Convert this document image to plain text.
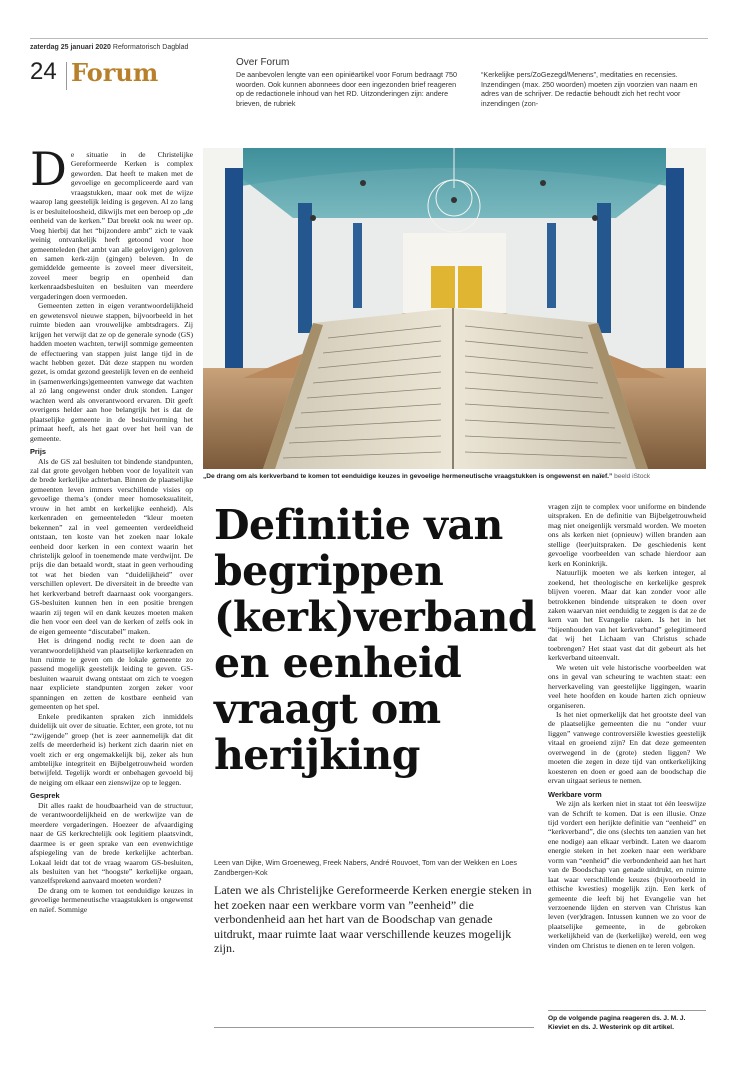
zaterdag 25 januari 2020 Reformatorisch Dagblad
24 Forum	Over Forum
De aanbevolen lengte van een opiniëartikel voor Forum bedraagt 750 woorden. Ook kunnen abonnees door een ingezonden brief reageren op de redactionele inhoud van het RD. Uitzonderingen zijn: andere brieven, de rubriek
“Kerkelijke pers/ZoGezegd/Menens”, meditaties en recensies. Inzendingen (max. 250 woorden) moeten zijn voorzien van naam en adres van de schrijver. De redactie behoudt zich het recht voor inzendingen (zon-
D e situatie in de Christelijke Gereformeerde Kerken is complex geworden. Dat heeft te maken met de gevoelige en gecompliceerde aard van vraagstukken, maar ook met de wijze waarop lang geestelijk leiding is gegeven. Al zo lang is er besluiteloosheid, dikwijls met een beroep op „de eenheid van de kerken.” Dat breekt ook nu weer op. Voeg hierbij dat het “bijzondere ambt” zich te vaak weinig ontvankelijk heeft getoond voor hoe gemeenteleden (het ambt van alle gelovigen) geloven en samen kerk-zijn (gingen) beleven. In de gemiddelde gemeente is zoveel meer diversiteit, zoveel meer begrip en openheid dan kerkenraadsbesluiten en besluiten van meerdere vergaderingen doen vermoeden.

Gemeenten zetten in eigen verantwoordelijkheid en gewetensvol nieuwe stappen, bijvoorbeeld in het ruimte bieden aan vrouwelijke ambtsdragers. Zij krijgen het verwijt dat ze op de generale synode (GS) hadden moeten wachten, terwijl sommige gemeenten de effectuering van stappen juist lange tijd in de wacht hebben gezet. Dát deze stappen nu worden gezet, is omdat gezond geestelijk leven en de eenheid in (samenwerkings)gemeenten vanwege dat wachten al zó lang ongewenst onder druk stonden. Langer wachten werd als onverantwoord ervaren. Dit geeft overigens helder aan hoe belangrijk het is dat de plaatselijke gemeente in de besluitvorming het primaat heeft, als het gaat over het heil van de gemeente.

Prijs

Als de GS zal besluiten tot bindende standpunten, zal dat grote gevolgen hebben voor de loyaliteit van de brede kerkelijke achterban. Binnen de plaatselijke gemeenten leven immers verschillende visies op gevoelige thema’s (onder meer homoseksualiteit, vrouw in het ambt en kerkelijke eenheid). Als kerkenraden en gemeenteleden “kleur moeten bekennen” zal in veel gemeenten verdeeldheid ontstaan, ten koste van het zoeken naar lokale eenheid door kerken in een context waarin het christelijk geloof in toenemende mate verdwijnt. De prijs die dan betaald wordt, staat in geen verhouding tot wat het bieden van “duidelijkheid” over verschillen oplevert. De diversiteit in de breedte van het kerkverband betreft daarnaast ook voorgangers. GS-besluiten kunnen hen in een positie brengen waarin zij tegen wil en dank keuzes moeten maken die hen voor een deel van de kerken of zelfs ook in de eigen gemeente “discutabel” maken.

Het is dringend nodig recht te doen aan de verantwoordelijkheid van plaatselijke kerkenraden en hun ruimte te geven om de lokale gemeente zo passend mogelijk geestelijk leiding te geven. GS-besluiten waaruit dwang ontstaat om zich te voegen naar expliciete standpunten zorgen zeker voor spanningen en zetten de kostbare eenheid van gemeenten op het spel.

Enkele predikanten spraken zich inmiddels duidelijk uit over de situatie. Echter, een grote, tot nu “zwijgende” groep (het is zeer aannemelijk dat dit zelfs de meerderheid is) herkent zich daarin niet en voelt zich er erg ongemakkelijk bij, zeker als hun ambtelijke integriteit en Bijbelgetrouwheid worden betwijfeld. Tegelijk wordt er onbehagen gevoeld bij de neiging om elkaar een zienswijze op te leggen.

Gesprek

Dit alles raakt de houdbaarheid van de structuur, de verantwoordelijkheid en de werkwijze van de meerdere vergaderingen. Hoezeer de afvaardiging naar de GS kerkrechtelijk ook legitiem plaatsvindt, daarmee is er geen sprake van een evenwichtige afspiegeling van de brede kerkelijke achterban. Lokaal leidt dat tot de vraag waarom GS-besluiten, als besluiten van het “hoogste” kerkelijke orgaan, vanzelfsprekend aanvaard moeten worden?

De drang om te komen tot eenduidige keuzes in gevoelige hermeneutische vraagstukken is ongewenst en naïef. Sommige

„De drang om als kerkverband te komen tot eenduidige keuzes in gevoelige hermeneutische vraagstukken is ongewenst en naïef.” beeld iStock
Definitie van begrippen (kerk)verband en eenheid vraagt om herijking
Leen van Dijke, Wim Groeneweg, Freek Nabers, André Rouvoet, Tom van der Wekken en Loes Zandbergen-Kok
Laten we als Christelijke Gereformeerde Kerken energie steken in het zoeken naar een werkbare vorm van ”eenheid” die verbondenheid aan het hart van de Boodschap van genade uitdrukt, maar ruimte laat waar verschillende keuzes mogelijk zijn.

vragen zijn te complex voor uniforme en bindende uitspraken. En de definitie van Bijbelgetrouwheid mag niet oneigenlijk versmald worden. We moeten ons als kerken niet (opnieuw) willen branden aan stellige (leer)uitspraken. De geschiedenis kent gevoelige voorbeelden van schade hierdoor aan kerk en Koninkrijk.

Natuurlijk moeten we als kerken integer, al zoekend, het theologische en kerkelijke gesprek blijven voeren. Maar dat kan zonder voor alle betrokkenen bindende uitspraken te doen over zaken waarvan niet eenduidig te zeggen is dat ze de kern van het Evangelie raken. Is het in het “bijeenhouden van het kerkverband” gelegitimeerd dat wij het Lichaam van Christus schade toebrengen? Het staat vast dat dit gebeurt als het kerkverband uiteenvalt.

We weten uit vele historische voorbeelden wat ons in geval van scheuring te wachten staat: een herverkaveling van geestelijke liggingen, waarin veel hete hoofden en koude harten zich opnieuw organiseren.

Is het niet opmerkelijk dat het grootste deel van de plaatselijke gemeenten die nu “onder vuur liggen” vanwege controversiële kwesties geestelijk vitaal en groeiend zijn? En dat deze gemeenten overwegend in de (grote) steden liggen? We moeten die zegen in deze tijd van ontkerkelijking koesteren en doen er goed aan de boodschap die ervan uitgaat serieus te nemen.

Werkbare vorm

We zijn als kerken niet in staat tot één leeswijze van de Schrift te komen. Dat is een illusie. Onze tijd vordert een herijkte definitie van “eenheid” en “kerkverband”, die ons (slechts ten aanzien van het ene nodige) aan elkaar verbindt. Laten we daarom energie steken in het zoeken naar een werkbare vorm van “eenheid” die verbondenheid aan het hart van de Boodschap van genade uitdrukt, en ruimte laat waar verschillende keuzes (bijvoorbeeld in ethische kwesties) mogelijk zijn. Een kerk of gemeente die leeft bij het Evangelie van het verzoenende lijden en sterven van Christus kan leven (ver)dragen. Intussen kunnen we zo voor de plaatselijke gemeente, in de gebroken werkelijkheid van de (kerkelijke) wereld, een weg vinden om Christus te dienen en te leren volgen.

Op de volgende pagina reageren ds. J. M. J. Kieviet en ds. J. Westerink op dit artikel.
